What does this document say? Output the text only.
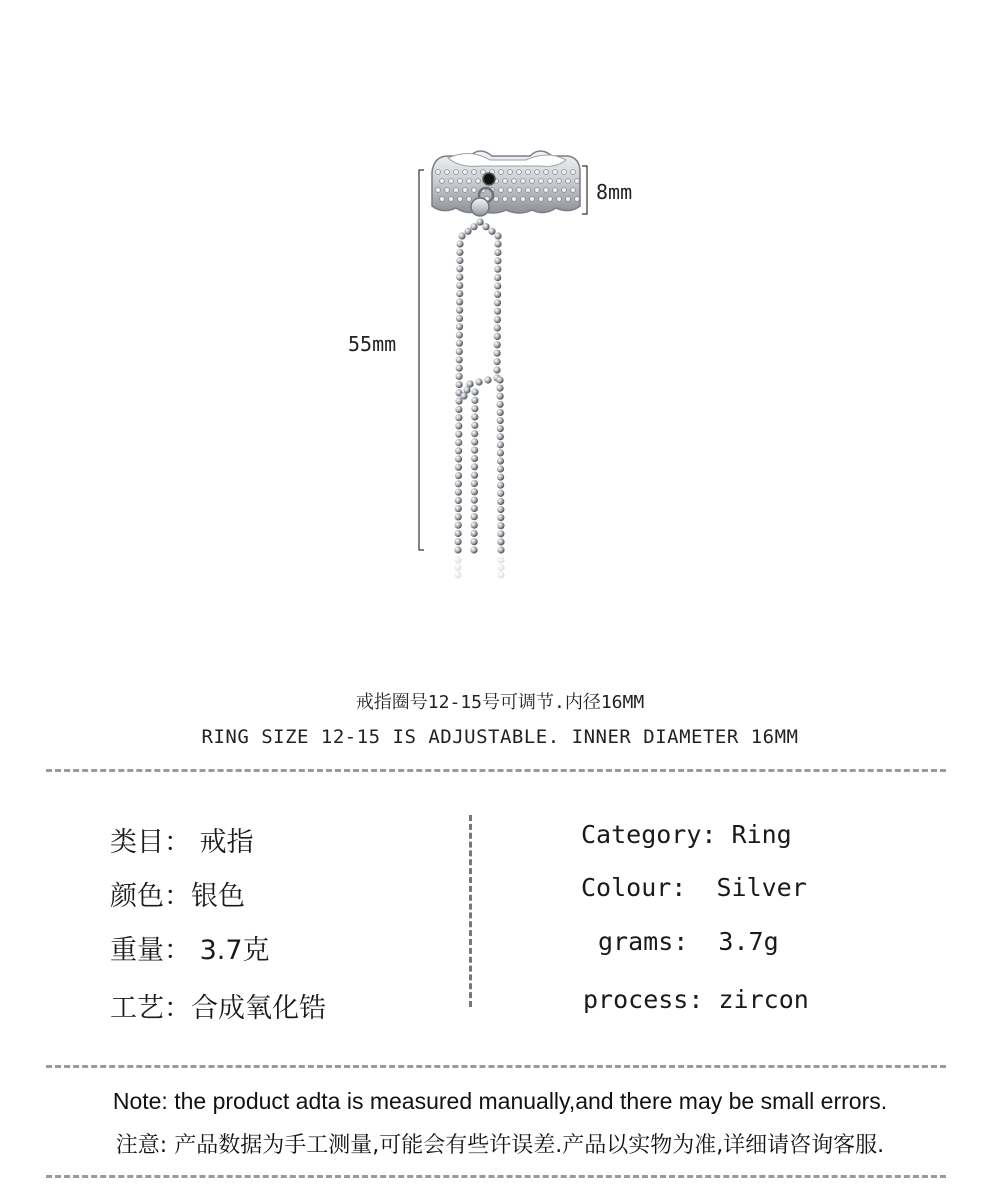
8mm
55mm
戒指圈号12-15号可调节.内径16MM
RING SIZE 12-15 IS ADJUSTABLE. INNER DIAMETER 16MM
类目： 戒指
颜色：银色
重量： 3.7克
工艺：合成氧化锆
Category: Ring
Colour: Silver
grams: 3.7g
process: zircon
Note: the product adta is measured manually,and there may be small errors.
注意: 产品数据为手工测量,可能会有些许误差.产品以实物为准,详细请咨询客服.
